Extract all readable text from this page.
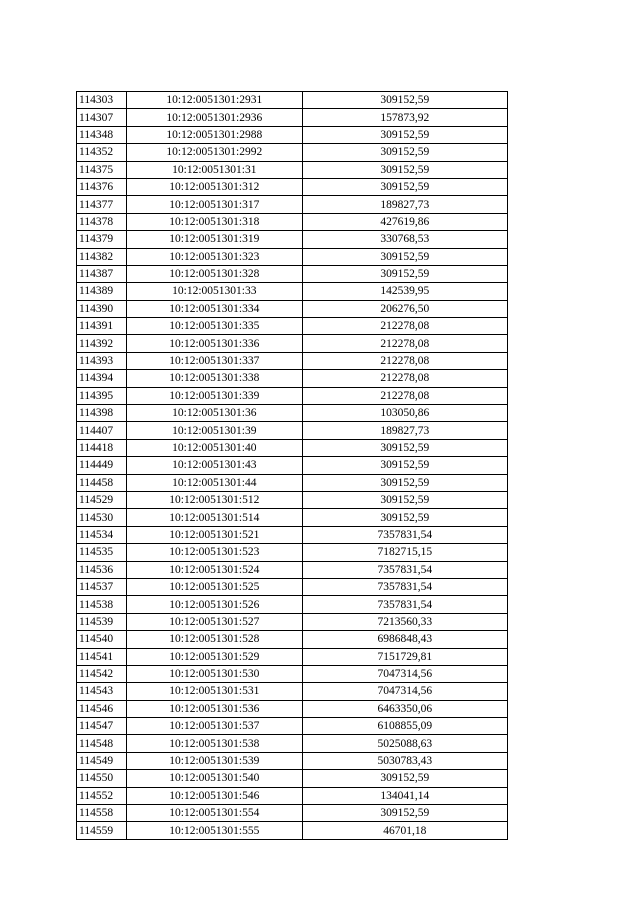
114303	10:12:0051301:2931	309152,59
114307	10:12:0051301:2936	157873,92
114348	10:12:0051301:2988	309152,59
114352	10:12:0051301:2992	309152,59
114375	10:12:0051301:31	309152,59
114376	10:12:0051301:312	309152,59
114377	10:12:0051301:317	189827,73
114378	10:12:0051301:318	427619,86
114379	10:12:0051301:319	330768,53
114382	10:12:0051301:323	309152,59
114387	10:12:0051301:328	309152,59
114389	10:12:0051301:33	142539,95
114390	10:12:0051301:334	206276,50
114391	10:12:0051301:335	212278,08
114392	10:12:0051301:336	212278,08
114393	10:12:0051301:337	212278,08
114394	10:12:0051301:338	212278,08
114395	10:12:0051301:339	212278,08
114398	10:12:0051301:36	103050,86
114407	10:12:0051301:39	189827,73
114418	10:12:0051301:40	309152,59
114449	10:12:0051301:43	309152,59
114458	10:12:0051301:44	309152,59
114529	10:12:0051301:512	309152,59
114530	10:12:0051301:514	309152,59
114534	10:12:0051301:521	7357831,54
114535	10:12:0051301:523	7182715,15
114536	10:12:0051301:524	7357831,54
114537	10:12:0051301:525	7357831,54
114538	10:12:0051301:526	7357831,54
114539	10:12:0051301:527	7213560,33
114540	10:12:0051301:528	6986848,43
114541	10:12:0051301:529	7151729,81
114542	10:12:0051301:530	7047314,56
114543	10:12:0051301:531	7047314,56
114546	10:12:0051301:536	6463350,06
114547	10:12:0051301:537	6108855,09
114548	10:12:0051301:538	5025088,63
114549	10:12:0051301:539	5030783,43
114550	10:12:0051301:540	309152,59
114552	10:12:0051301:546	134041,14
114558	10:12:0051301:554	309152,59
114559	10:12:0051301:555	46701,18
